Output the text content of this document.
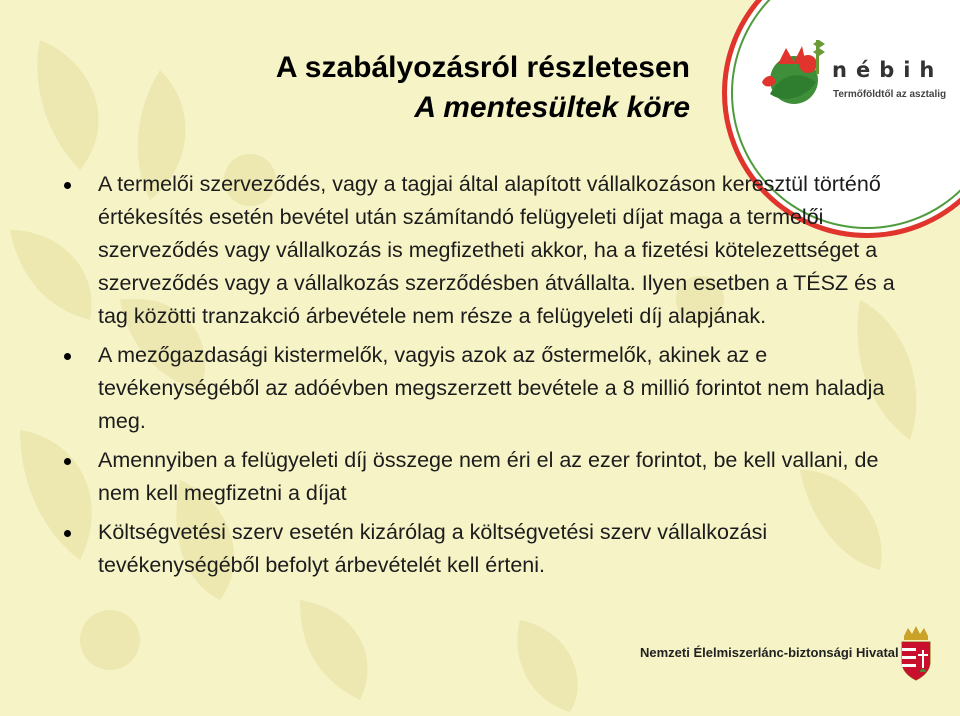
nébih
Termőföldtől az asztalig
A szabályozásról részletesen
A mentesültek köre
A termelői szerveződés, vagy a tagjai által alapított vállalkozáson keresztül történő értékesítés esetén bevétel után számítandó felügyeleti díjat maga a termelői szerveződés vagy vállalkozás is megfizetheti akkor, ha a fizetési kötelezettséget a szerveződés vagy a vállalkozás szerződésben átvállalta. Ilyen esetben a TÉSZ és a tag közötti tranzakció árbevétele nem része a felügyeleti díj alapjának.
A mezőgazdasági kistermelők, vagyis azok az őstermelők, akinek az e tevékenységéből az adóévben megszerzett bevétele a 8 millió forintot nem haladja meg.
Amennyiben a felügyeleti díj összege nem éri el az ezer forintot, be kell vallani, de nem kell megfizetni a díjat
Költségvetési szerv esetén kizárólag a költségvetési szerv vállalkozási tevékenységéből befolyt árbevételét kell érteni.
Nemzeti Élelmiszerlánc-biztonsági Hivatal
